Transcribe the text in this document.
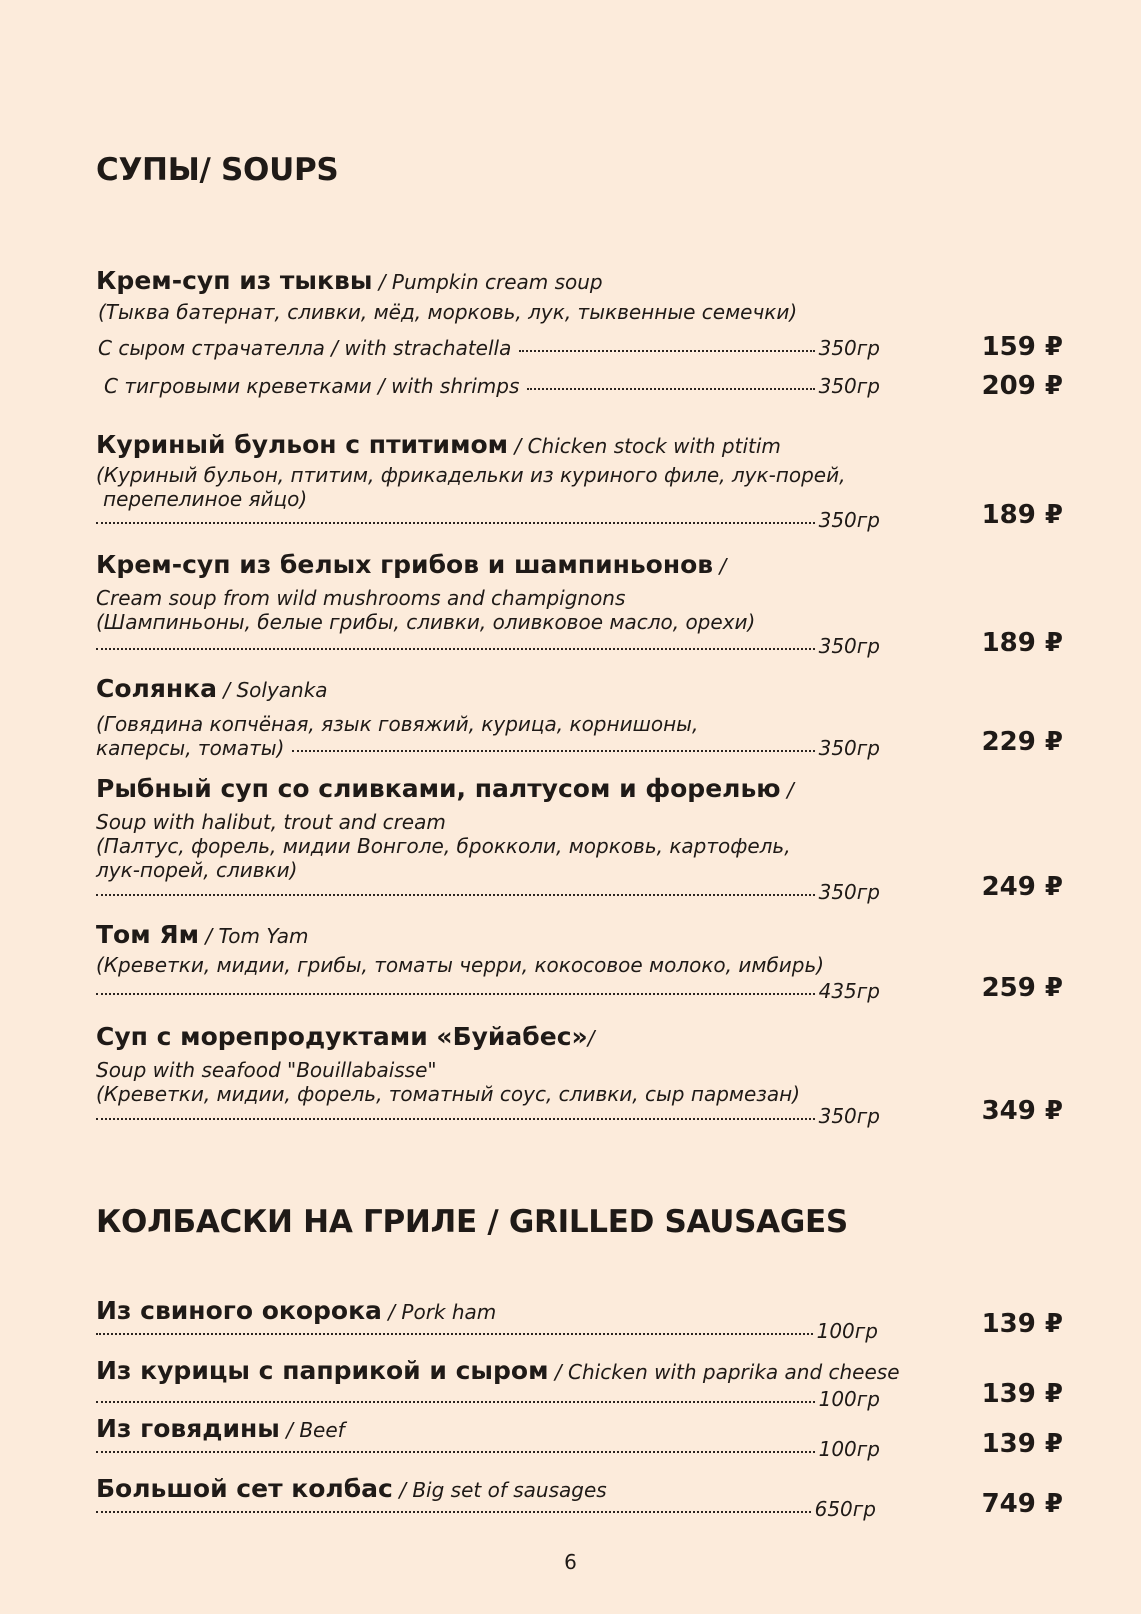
СУПЫ/ SOUPS
Крем-суп из тыквы / Pumpkin cream soup
(Тыква батернат, сливки, мёд, морковь, лук, тыквенные семечки)
С сыром страчателла / with strachatella	350гр	159 ₽
С тигровыми креветками / with shrimps	350гр	209 ₽
Куриный бульон с птитимом / Chicken stock with ptitim
(Куриный бульон, птитим, фрикадельки из куриного филе, лук-порей,
перепелиное яйцо)
350гр	189 ₽
Крем-суп из белых грибов и шампиньонов /
Cream soup from wild mushrooms and champignons
(Шампиньоны, белые грибы, сливки, оливковое масло, орехи)
350гр	189 ₽
Солянка / Solyanka
(Говядина копчёная, язык говяжий, курица, корнишоны,
каперсы, томаты)	350гр	229 ₽
Рыбный суп со сливками, палтусом и форелью /
Soup with halibut, trout and cream
(Палтус, форель, мидии Вонголе, брокколи, морковь, картофель,
лук-порей, сливки)
350гр	249 ₽
Том Ям / Tom Yam
(Креветки, мидии, грибы, томаты черри, кокосовое молоко, имбирь)
435гр	259 ₽
Суп с морепродуктами «Буйабес»/
Soup with seafood "Bouillabaisse"
(Креветки, мидии, форель, томатный соус, сливки, сыр пармезан)
350гр	349 ₽
КОЛБАСКИ НА ГРИЛЕ / GRILLED SAUSAGES
Из свиного окорока / Pork ham
100гр	139 ₽
Из курицы с паприкой и сыром / Chicken with paprika and cheese
100гр	139 ₽
Из говядины / Beef
100гр	139 ₽
Большой сет колбас / Big set of sausages
650гр	749 ₽
6
